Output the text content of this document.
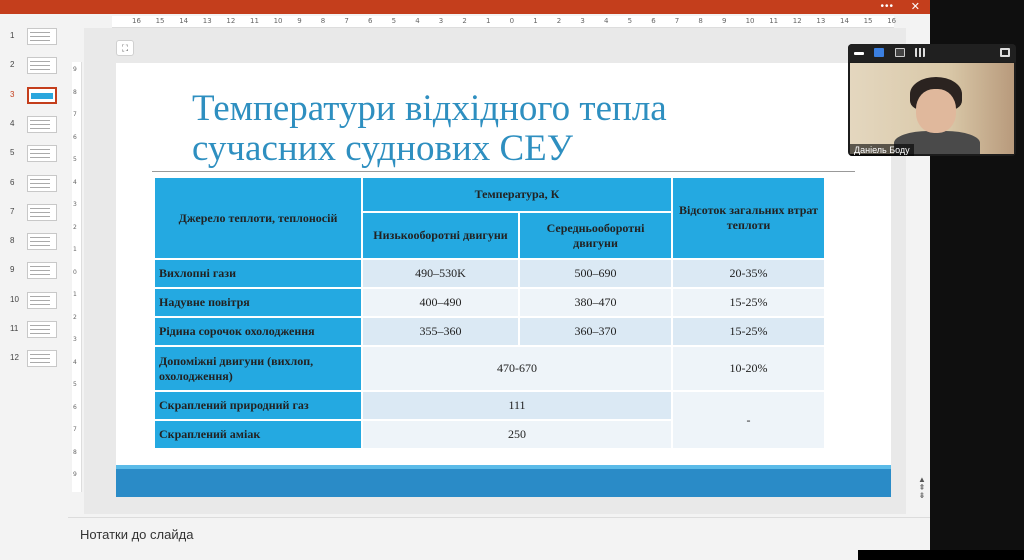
••• ✕
16 15 14 13 12 11 10 9	8	7	6	5	4	3	2	1	0	1	2	3	4	5	6	7	8	9	10 11 12 13 14 15 16
9
8
7
6
5
4
3
2
1
0
1
2
3
4
5
6
7
8
9
1
2
3
4
5
6
7
8
9
10
11
12
⛶
Температури відхідного тепла
сучасних суднових СЕУ
Джерело теплоти, теплоносій	Температура, К		Відсоток загальних втрат теплоти
	Низькооборотні двигуни	Середньооборотні двигуни	
Вихлопні гази	490–530K	500–690	20-35%
Надувне повітря	400–490	380–470	15-25%
Рідина сорочок охолодження	355–360	360–370	15-25%
Допоміжні двигуни (вихлоп, охолодження)	470-670		10-20%
Скраплений природний газ	111		-
Скраплений аміак	250		
▲ ⇞ ⇟
Нотатки до слайда
Даніель Боду
